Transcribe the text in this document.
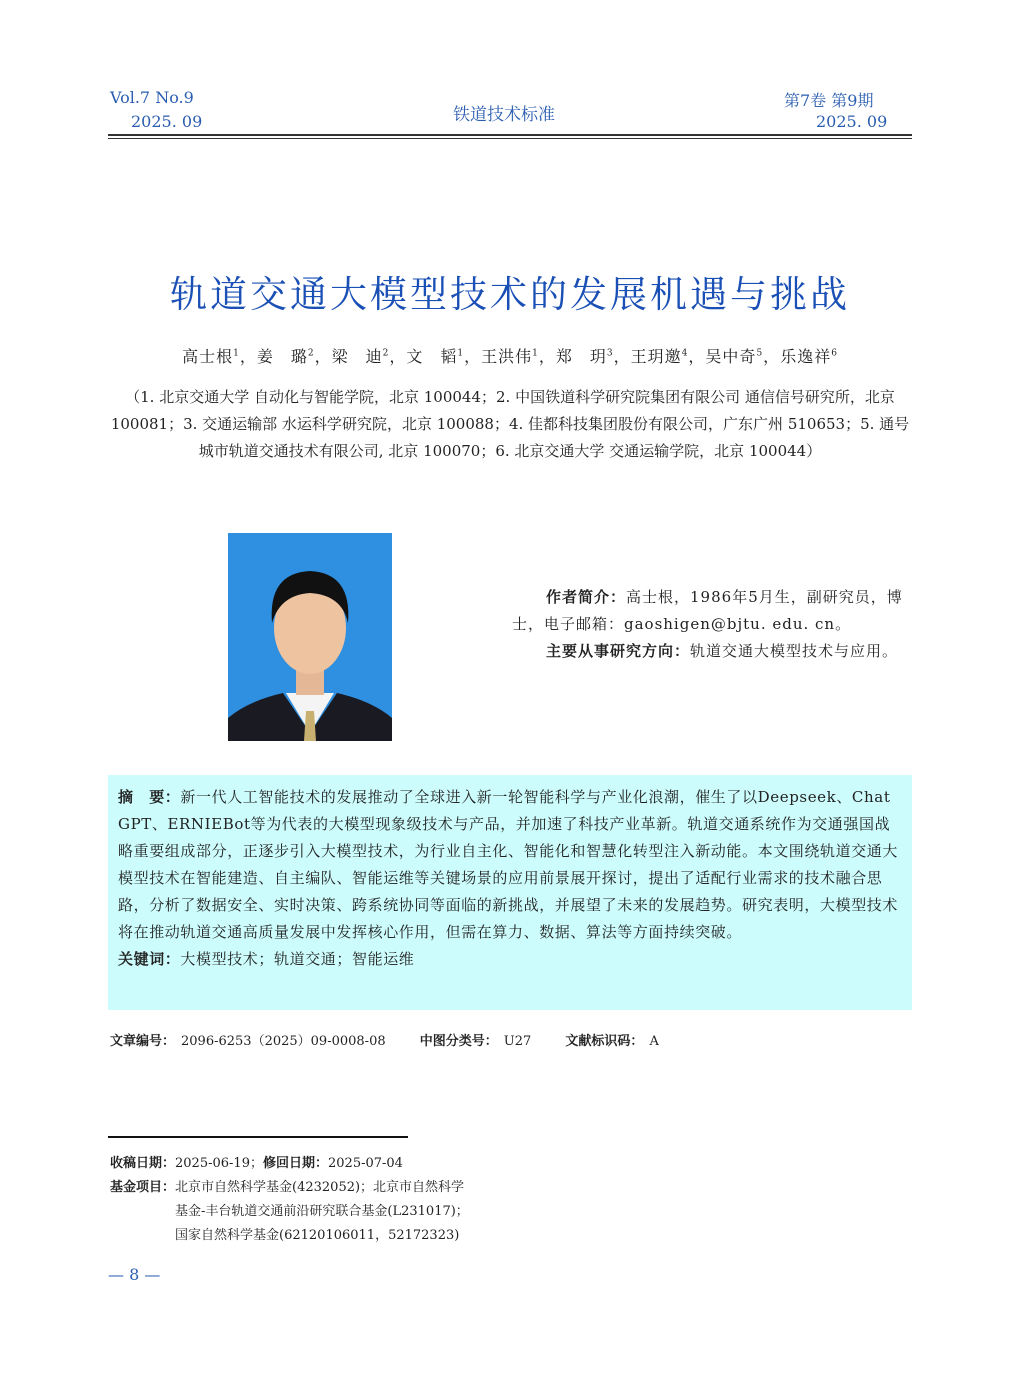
Vol.7 No.9
2025. 09	铁道技术标准
第7卷 第9期
2025. 09
轨道交通大模型技术的发展机遇与挑战
高士根$^1$，姜　璐$^2$，梁　迪$^2$，文　韬$^1$，王洪伟$^1$，郑　玥$^3$，王玥邀$^4$，吴中奇$^5$，乐逸祥$^6$
（1. 北京交通大学 自动化与智能学院，北京 100044；2. 中国铁道科学研究院集团有限公司 通信信号研究所，北京 100081；3. 交通运输部 水运科学研究院，北京 100088；4. 佳都科技集团股份有限公司，广东广州 510653；5. 通号城市轨道交通技术有限公司, 北京 100070；6. 北京交通大学 交通运输学院，北京 100044）
作者简介：高士根，1986年5月生，副研究员，博士，电子邮箱：gaoshigen@bjtu. edu. cn。
主要从事研究方向：轨道交通大模型技术与应用。
摘　要：新一代人工智能技术的发展推动了全球进入新一轮智能科学与产业化浪潮，催生了以Deepseek、Chat GPT、ERNIEBot等为代表的大模型现象级技术与产品，并加速了科技产业革新。轨道交通系统作为交通强国战略重要组成部分，正逐步引入大模型技术，为行业自主化、智能化和智慧化转型注入新动能。本文围绕轨道交通大模型技术在智能建造、自主编队、智能运维等关键场景的应用前景展开探讨，提出了适配行业需求的技术融合思路，分析了数据安全、实时决策、跨系统协同等面临的新挑战，并展望了未来的发展趋势。研究表明，大模型技术将在推动轨道交通高质量发展中发挥核心作用，但需在算力、数据、算法等方面持续突破。
关键词：大模型技术；轨道交通；智能运维
文章编号： 2096-6253（2025）09-0008-08	中图分类号： U27	文献标识码： A
收稿日期：2025-06-19；修回日期：2025-07-04
基金项目： 北京市自然科学基金(4232052)；北京市自然科学
基金-丰台轨道交通前沿研究联合基金(L231017)；
国家自然科学基金(62120106011，52172323)
— 8 —
